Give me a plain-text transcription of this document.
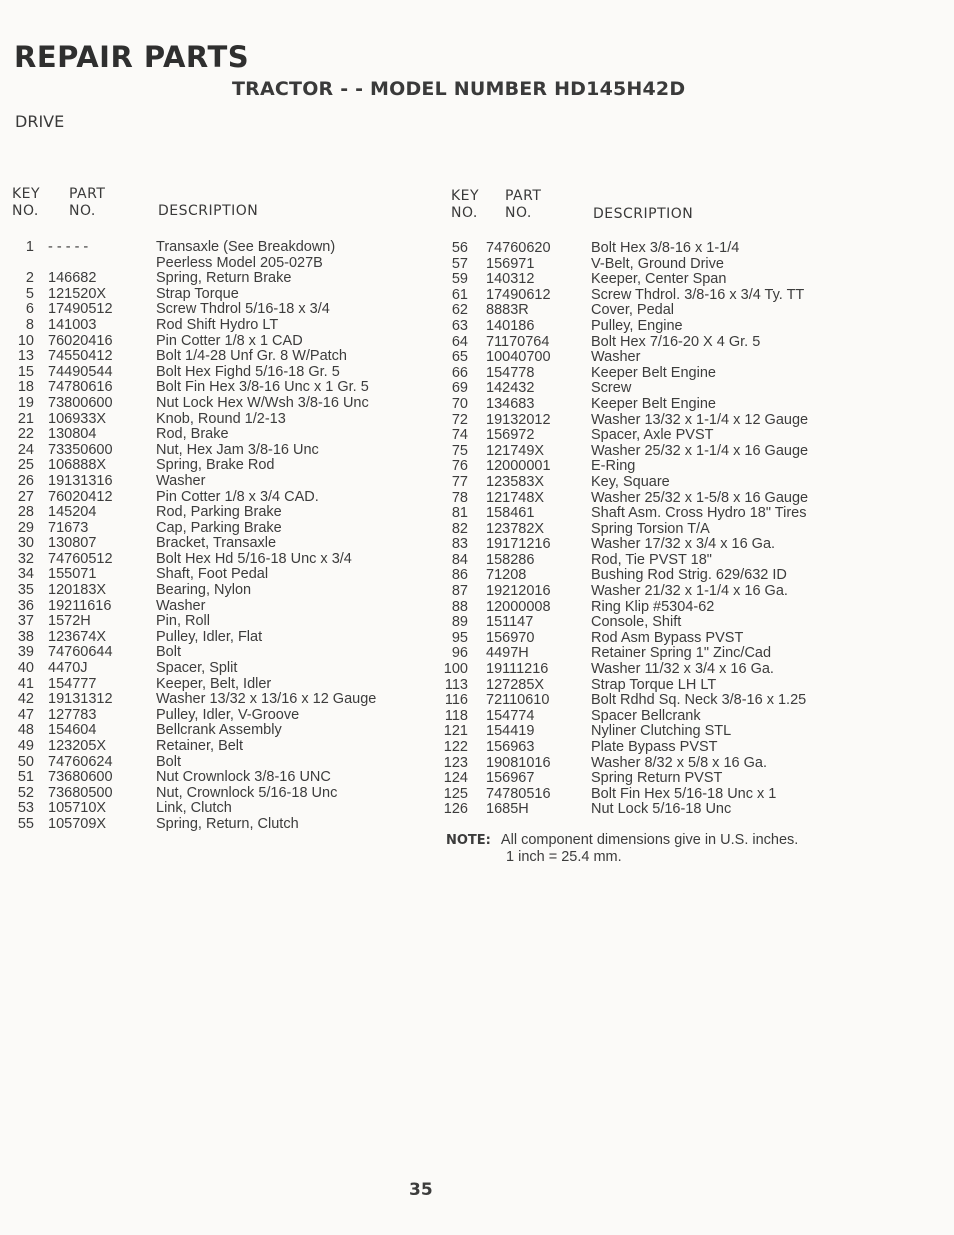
REPAIR PARTS
TRACTOR - - MODEL NUMBER HD145H42D
DRIVE
KEY
NO.
PART
NO.	DESCRIPTION
KEY
NO.
PART
NO.	DESCRIPTION
1 - - - - -	Transaxle (See Breakdown)
Peerless Model 205-027B
2 146682	Spring, Return Brake
5 121520X	Strap Torque
6 17490512	Screw Thdrol 5/16-18 x 3/4
8 141003	Rod Shift Hydro LT
10 76020416	Pin Cotter 1/8 x 1 CAD
13 74550412	Bolt 1/4-28 Unf Gr. 8 W/Patch
15 74490544	Bolt Hex Fighd 5/16-18 Gr. 5
18 74780616	Bolt Fin Hex 3/8-16 Unc x 1 Gr. 5
19 73800600	Nut Lock Hex W/Wsh 3/8-16 Unc
21 106933X	Knob, Round 1/2-13
22 130804	Rod, Brake
24 73350600	Nut, Hex Jam 3/8-16 Unc
25 106888X	Spring, Brake Rod
26 19131316	Washer
27 76020412	Pin Cotter 1/8 x 3/4 CAD.
28 145204	Rod, Parking Brake
29 71673	Cap, Parking Brake
30 130807	Bracket, Transaxle
32 74760512	Bolt Hex Hd 5/16-18 Unc x 3/4
34 155071	Shaft, Foot Pedal
35 120183X	Bearing, Nylon
36 19211616	Washer
37 1572H	Pin, Roll
38 123674X	Pulley, Idler, Flat
39 74760644	Bolt
40 4470J	Spacer, Split
41 154777	Keeper, Belt, Idler
42 19131312	Washer 13/32 x 13/16 x 12 Gauge
47 127783	Pulley, Idler, V-Groove
48 154604	Bellcrank Assembly
49 123205X	Retainer, Belt
50 74760624	Bolt
51 73680600	Nut Crownlock 3/8-16 UNC
52 73680500	Nut, Crownlock 5/16-18 Unc
53 105710X	Link, Clutch
55 105709X	Spring, Return, Clutch
56 74760620	Bolt Hex 3/8-16 x 1-1/4
57 156971	V-Belt, Ground Drive
59 140312	Keeper, Center Span
61 17490612	Screw Thdrol. 3/8-16 x 3/4 Ty. TT
62 8883R	Cover, Pedal
63 140186	Pulley, Engine
64 71170764	Bolt Hex 7/16-20 X 4 Gr. 5
65 10040700	Washer
66 154778	Keeper Belt Engine
69 142432	Screw
70 134683	Keeper Belt Engine
72 19132012	Washer 13/32 x 1-1/4 x 12 Gauge
74 156972	Spacer, Axle PVST
75 121749X	Washer 25/32 x 1-1/4 x 16 Gauge
76 12000001	E-Ring
77 123583X	Key, Square
78 121748X	Washer 25/32 x 1-5/8 x 16 Gauge
81 158461	Shaft Asm. Cross Hydro 18" Tires
82 123782X	Spring Torsion T/A
83 19171216	Washer 17/32 x 3/4 x 16 Ga.
84 158286	Rod, Tie PVST 18"
86 71208	Bushing Rod Strig. 629/632 ID
87 19212016	Washer 21/32 x 1-1/4 x 16 Ga.
88 12000008	Ring Klip #5304-62
89 151147	Console, Shift
95 156970	Rod Asm Bypass PVST
96 4497H	Retainer Spring 1" Zinc/Cad
100 19111216	Washer 11/32 x 3/4 x 16 Ga.
113 127285X	Strap Torque LH LT
116 72110610	Bolt Rdhd Sq. Neck 3/8-16 x 1.25
118 154774	Spacer Bellcrank
121 154419	Nyliner Clutching STL
122 156963	Plate Bypass PVST
123 19081016	Washer 8/32 x 5/8 x 16 Ga.
124 156967	Spring Return PVST
125 74780516	Bolt Fin Hex 5/16-18 Unc x 1
126 1685H	Nut Lock 5/16-18 Unc
NOTE: All component dimensions give in U.S. inches.
1 inch = 25.4 mm.
35
